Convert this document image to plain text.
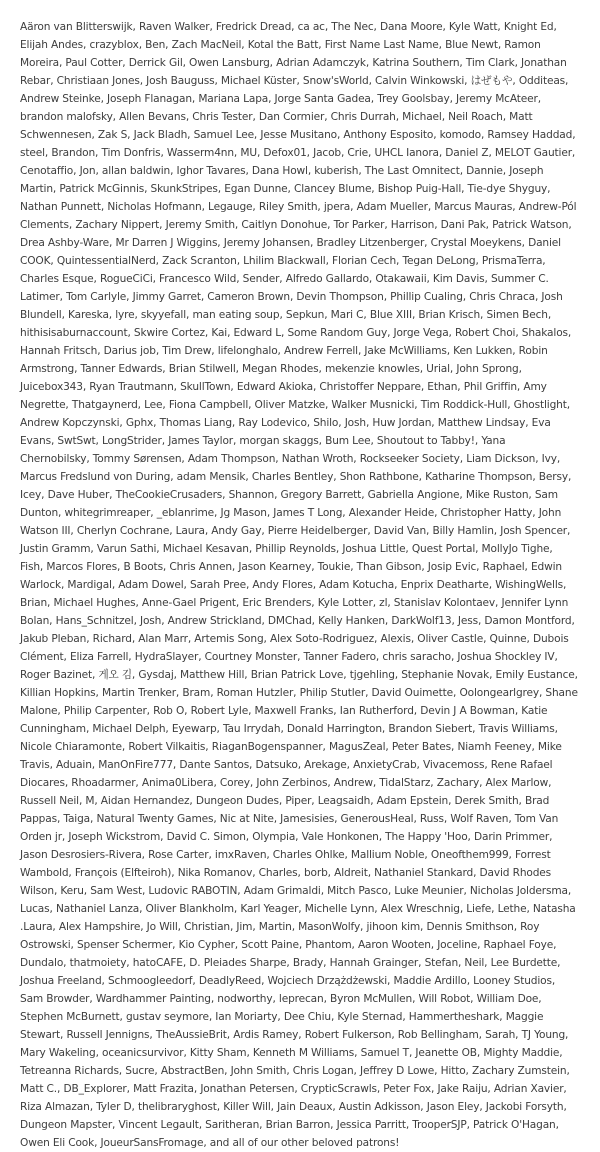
Aäron van Blitterswijk, Raven Walker, Fredrick Dread, ca ac, The Nec, Dana Moore, Kyle Watt, Knight Ed, Elijah Andes, crazyblox, Ben, Zach MacNeil, Kotal the Batt, First Name Last Name, Blue Newt, Ramon Moreira, Paul Cotter, Derrick Gil, Owen Lansburg, Adrian Adamczyk, Katrina Southern, Tim Clark, Jonathan Rebar, Christiaan Jones, Josh Bauguss, Michael Küster, Snow'sWorld, Calvin Winkowski, はぜもや, Odditeas, Andrew Steinke, Joseph Flanagan, Mariana Lapa, Jorge Santa Gadea, Trey Goolsbay, Jeremy McAteer, brandon malofsky, Allen Bevans, Chris Tester, Dan Cormier, Chris Durrah, Michael, Neil Roach, Matt Schwennesen, Zak S, Jack Bladh, Samuel Lee, Jesse Musitano, Anthony Esposito, komodo, Ramsey Haddad, steel, Brandon, Tim Donfris, Wasserm4nn, MU, Defox01, Jacob, Crie, UHCL Ianora, Daniel Z, MELOT Gautier, Cenotaffio, Jon, allan baldwin, Ighor Tavares, Dana Howl, kuberish, The Last Omnitect, Dannie, Joseph Martin, Patrick McGinnis, SkunkStripes, Egan Dunne, Clancey Blume, Bishop Puig-Hall, Tie-dye Shyguy, Nathan Punnett, Nicholas Hofmann, Legauge, Riley Smith, jpera, Adam Mueller, Marcus Mauras, Andrew-Pól Clements, Zachary Nippert, Jeremy Smith, Caitlyn Donohue, Tor Parker, Harrison, Dani Pak, Patrick Watson, Drea Ashby-Ware, Mr Darren J Wiggins, Jeremy Johansen, Bradley Litzenberger, Crystal Moeykens, Daniel COOK, QuintessentialNerd, Zack Scranton, Lhilim Blackwall, Florian Cech, Tegan DeLong, PrismaTerra, Charles Esque, RogueCiCi, Francesco Wild, Sender, Alfredo Gallardo, Otakawaii, Kim Davis, Summer C. Latimer, Tom Carlyle, Jimmy Garret, Cameron Brown, Devin Thompson, Phillip Cualing, Chris Chraca, Josh Blundell, Kareska, lyre, skyyefall, man eating soup, Sepkun, Mari C, Blue XIII, Brian Krisch, Simen Bech, hithisisaburnaccount, Skwire Cortez, Kai, Edward L, Some Random Guy, Jorge Vega, Robert Choi, Shakalos, Hannah Fritsch, Darius job, Tim Drew, lifelonghalo, Andrew Ferrell, Jake McWilliams, Ken Lukken, Robin Armstrong, Tanner Edwards, Brian Stilwell, Megan Rhodes, mekenzie knowles, Urial, John Sprong, Juicebox343, Ryan Trautmann, SkullTown, Edward Akioka, Christoffer Neppare, Ethan, Phil Griffin, Amy Negrette, Thatgaynerd, Lee, Fiona Campbell, Oliver Matzke, Walker Musnicki, Tim Roddick-Hull, Ghostlight, Andrew Kopczynski, Gphx, Thomas Liang, Ray Lodevico, Shilo, Josh, Huw Jordan, Matthew Lindsay, Eva Evans, SwtSwt, LongStrider, James Taylor, morgan skaggs, Bum Lee, Shoutout to Tabby!, Yana Chernobilsky, Tommy Sørensen, Adam Thompson, Nathan Wroth, Rockseeker Society, Liam Dickson, Ivy, Marcus Fredslund von During, adam Mensik, Charles Bentley, Shon Rathbone, Katharine Thompson, Bersy, Icey, Dave Huber, TheCookieCrusaders, Shannon, Gregory Barrett, Gabriella Angione, Mike Ruston, Sam Dunton, whitegrimreaper, _eblanrime, Jg Mason, James T Long, Alexander Heide, Christopher Hatty, John Watson III, Cherlyn Cochrane, Laura, Andy Gay, Pierre Heidelberger, David Van, Billy Hamlin, Josh Spencer, Justin Gramm, Varun Sathi, Michael Kesavan, Phillip Reynolds, Joshua Little, Quest Portal, MollyJo Tighe, Fish, Marcos Flores, B Boots, Chris Annen, Jason Kearney, Toukie, Than Gibson, Josip Evic, Raphael, Edwin Warlock, Mardigal, Adam Dowel, Sarah Pree, Andy Flores, Adam Kotucha, Enprix Deatharte, WishingWells, Brian, Michael Hughes, Anne-Gael Prigent, Eric Brenders, Kyle Lotter, zl, Stanislav Kolontaev, Jennifer Lynn Bolan, Hans_Schnitzel, Josh, Andrew Strickland, DMChad, Kelly Hanken, DarkWolf13, Jess, Damon Montford, Jakub Pleban, Richard, Alan Marr, Artemis Song, Alex Soto-Rodriguez, Alexis, Oliver Castle, Quinne, Dubois Clément, Eliza Farrell, HydraSlayer, Courtney Monster, Tanner Fadero, chris saracho, Joshua Shockley IV, Roger Bazinet, 게오 김, Gysdaj, Matthew Hill, Brian Patrick Love, tjgehling, Stephanie Novak, Emily Eustance, Killian Hopkins, Martin Trenker, Bram, Roman Hutzler, Philip Stutler, David Ouimette, Oolongearlgrey, Shane Malone, Philip Carpenter, Rob O, Robert Lyle, Maxwell Franks, Ian Rutherford, Devin J A Bowman, Katie Cunningham, Michael Delph, Eyewarp, Tau Irrydah, Donald Harrington, Brandon Siebert, Travis Williams, Nicole Chiaramonte, Robert Vilkaitis, RiaganBogenspanner, MagusZeal, Peter Bates, Niamh Feeney, Mike Travis, Aduain, ManOnFire777, Dante Santos, Datsuko, Arekage, AnxietyCrab, Vivacemoss, Rene Rafael Diocares, Rhoadarmer, Anima0Libera, Corey, John Zerbinos, Andrew, TidalStarz, Zachary, Alex Marlow, Russell Neil, M, Aidan Hernandez, Dungeon Dudes, Piper, Leagsaidh, Adam Epstein, Derek Smith, Brad Pappas, Taiga, Natural Twenty Games, Nic at Nite, Jamesisies, GenerousHeal, Russ, Wolf Raven, Tom Van Orden jr, Joseph Wickstrom, David C. Simon, Olympia, Vale Honkonen, The Happy 'Hoo, Darin Primmer, Jason Desrosiers-Rivera, Rose Carter, imxRaven, Charles Ohlke, Mallium Noble, Oneofthem999, Forrest Wambold, François (Elfteiroh), Nika Romanov, Charles, borb, Aldreit, Nathaniel Stankard, David Rhodes Wilson, Keru, Sam West, Ludovic RABOTIN, Adam Grimaldi, Mitch Pasco, Luke Meunier, Nicholas Joldersma, Lucas, Nathaniel Lanza, Oliver Blankholm, Karl Yeager, Michelle Lynn, Alex Wreschnig, Liefe, Lethe, Natasha .Laura, Alex Hampshire, Jo Will, Christian, Jim, Martin, MasonWolfy, jihoon kim, Dennis Smithson, Roy Ostrowski, Spenser Schermer, Kio Cypher, Scott Paine, Phantom, Aaron Wooten, Joceline, Raphael Foye, Dundalo, thatmoiety, hatoCAFE, D. Pleiades Sharpe, Brady, Hannah Grainger, Stefan, Neil, Lee Burdette, Joshua Freeland, Schmoogleedorf, DeadlyReed, Wojciech Drzążdżewski, Maddie Ardillo, Looney Studios, Sam Browder, Wardhammer Painting, nodworthy, leprecan, Byron McMullen, Will Robot, William Doe, Stephen McBurnett, gustav seymore, Ian Moriarty, Dee Chiu, Kyle Sternad, Hammertheshark, Maggie Stewart, Russell Jennigns, TheAussieBrit, Ardis Ramey, Robert Fulkerson, Rob Bellingham, Sarah, TJ Young, Mary Wakeling, oceanicsurvivor, Kitty Sham, Kenneth M Williams, Samuel T, Jeanette OB, Mighty Maddie, Tetreanna Richards, Sucre, AbstractBen, John Smith, Chris Logan, Jeffrey D Lowe, Hitto, Zachary Zumstein, Matt C., DB_Explorer, Matt Frazita, Jonathan Petersen, CrypticScrawls, Peter Fox, Jake Raiju, Adrian Xavier, Riza Almazan, Tyler D, thelibraryghost, Killer Will, Jain Deaux, Austin Adkisson, Jason Eley, Jackobi Forsyth, Dungeon Mapster, Vincent Legault, Saritheran, Brian Barron, Jessica Parritt, TrooperSJP, Patrick O'Hagan, Owen Eli Cook, JoueurSansFromage, and all of our other beloved patrons!
